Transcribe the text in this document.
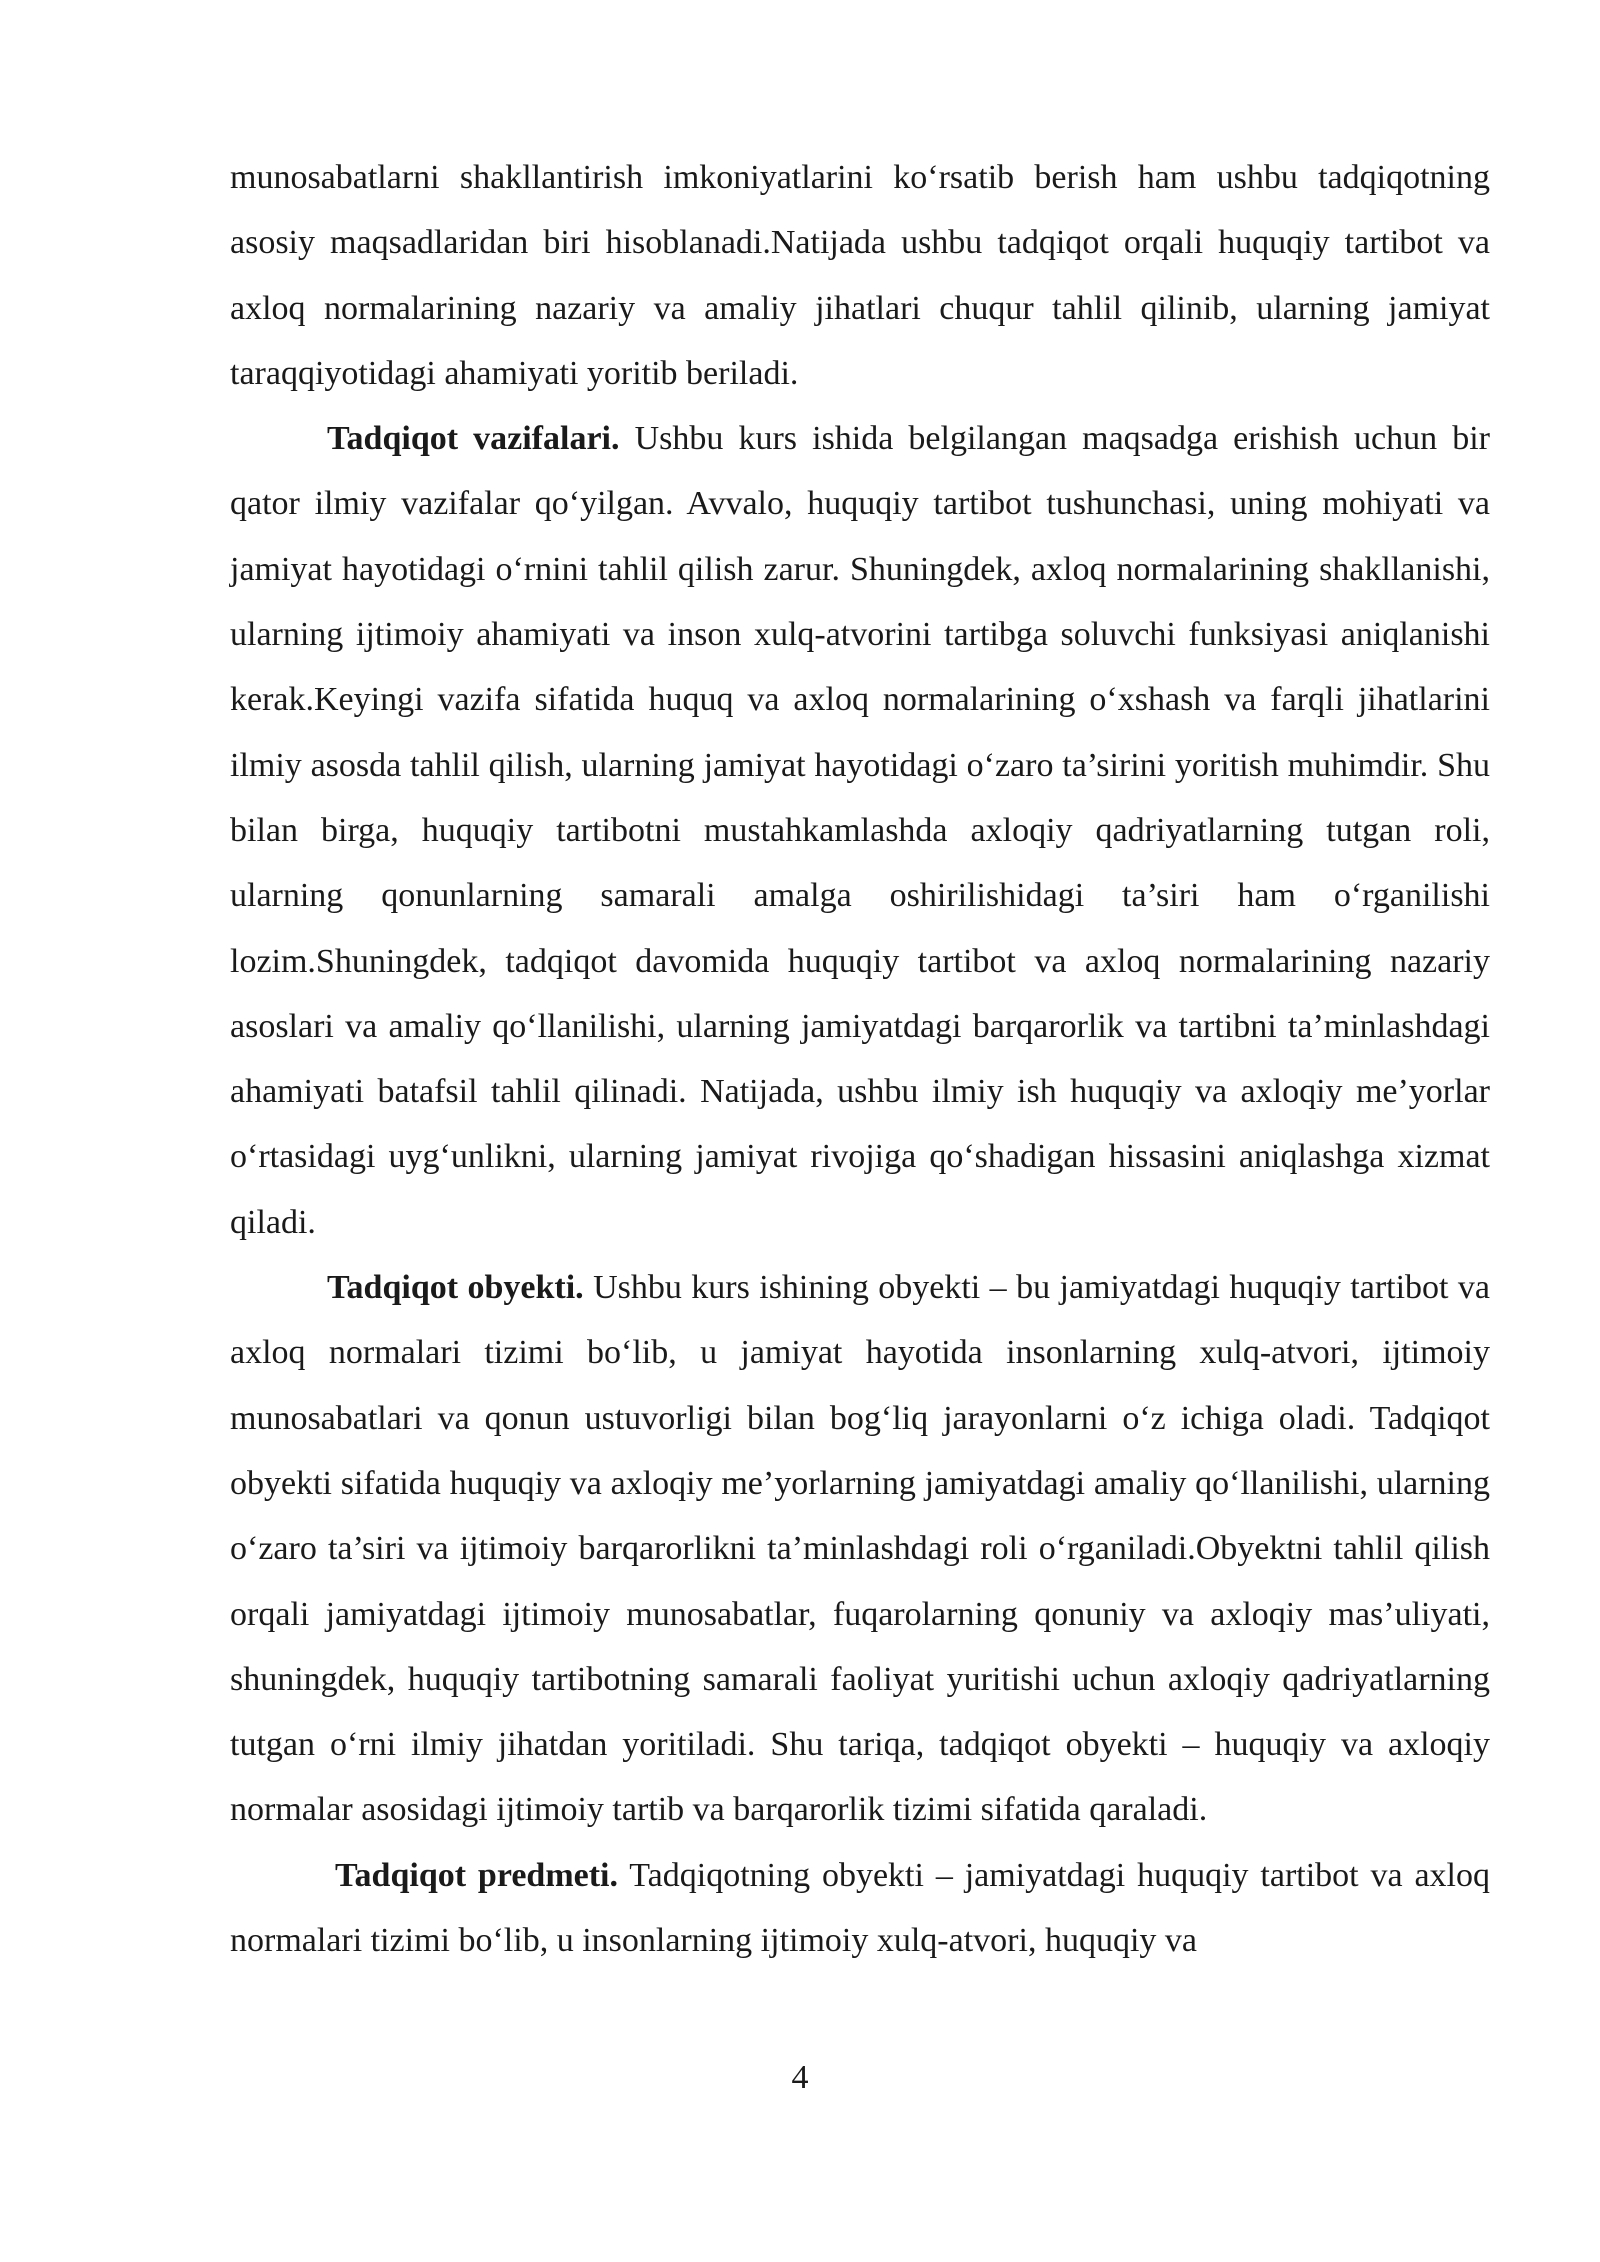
munosabatlarni shakllantirish imkoniyatlarini ko‘rsatib berish ham ushbu tadqiqotning asosiy maqsadlaridan biri hisoblanadi.Natijada ushbu tadqiqot orqali huquqiy tartibot va axloq normalarining nazariy va amaliy jihatlari chuqur tahlil qilinib, ularning jamiyat taraqqiyotidagi ahamiyati yoritib beriladi.

Tadqiqot vazifalari. Ushbu kurs ishida belgilangan maqsadga erishish uchun bir qator ilmiy vazifalar qo‘yilgan. Avvalo, huquqiy tartibot tushunchasi, uning mohiyati va jamiyat hayotidagi o‘rnini tahlil qilish zarur. Shuningdek, axloq normalarining shakllanishi, ularning ijtimoiy ahamiyati va inson xulq-atvorini tartibga soluvchi funksiyasi aniqlanishi kerak.Keyingi vazifa sifatida huquq va axloq normalarining o‘xshash va farqli jihatlarini ilmiy asosda tahlil qilish, ularning jamiyat hayotidagi o‘zaro ta’sirini yoritish muhimdir. Shu bilan birga, huquqiy tartibotni mustahkamlashda axloqiy qadriyatlarning tutgan roli, ularning qonunlarning samarali amalga oshirilishidagi ta’siri ham o‘rganilishi lozim.Shuningdek, tadqiqot davomida huquqiy tartibot va axloq normalarining nazariy asoslari va amaliy qo‘llanilishi, ularning jamiyatdagi barqarorlik va tartibni ta’minlashdagi ahamiyati batafsil tahlil qilinadi. Natijada, ushbu ilmiy ish huquqiy va axloqiy me’yorlar o‘rtasidagi uyg‘unlikni, ularning jamiyat rivojiga qo‘shadigan hissasini aniqlashga xizmat qiladi.

Tadqiqot obyekti. Ushbu kurs ishining obyekti – bu jamiyatdagi huquqiy tartibot va axloq normalari tizimi bo‘lib, u jamiyat hayotida insonlarning xulq-atvori, ijtimoiy munosabatlari va qonun ustuvorligi bilan bog‘liq jarayonlarni o‘z ichiga oladi. Tadqiqot obyekti sifatida huquqiy va axloqiy me’yorlarning jamiyatdagi amaliy qo‘llanilishi, ularning o‘zaro ta’siri va ijtimoiy barqarorlikni ta’minlashdagi roli o‘rganiladi.Obyektni tahlil qilish orqali jamiyatdagi ijtimoiy munosabatlar, fuqarolarning qonuniy va axloqiy mas’uliyati, shuningdek, huquqiy tartibotning samarali faoliyat yuritishi uchun axloqiy qadriyatlarning tutgan o‘rni ilmiy jihatdan yoritiladi. Shu tariqa, tadqiqot obyekti – huquqiy va axloqiy normalar asosidagi ijtimoiy tartib va barqarorlik tizimi sifatida qaraladi.

Tadqiqot predmeti. Tadqiqotning obyekti – jamiyatdagi huquqiy tartibot va axloq normalari tizimi bo‘lib, u insonlarning ijtimoiy xulq-atvori, huquqiy va

4
